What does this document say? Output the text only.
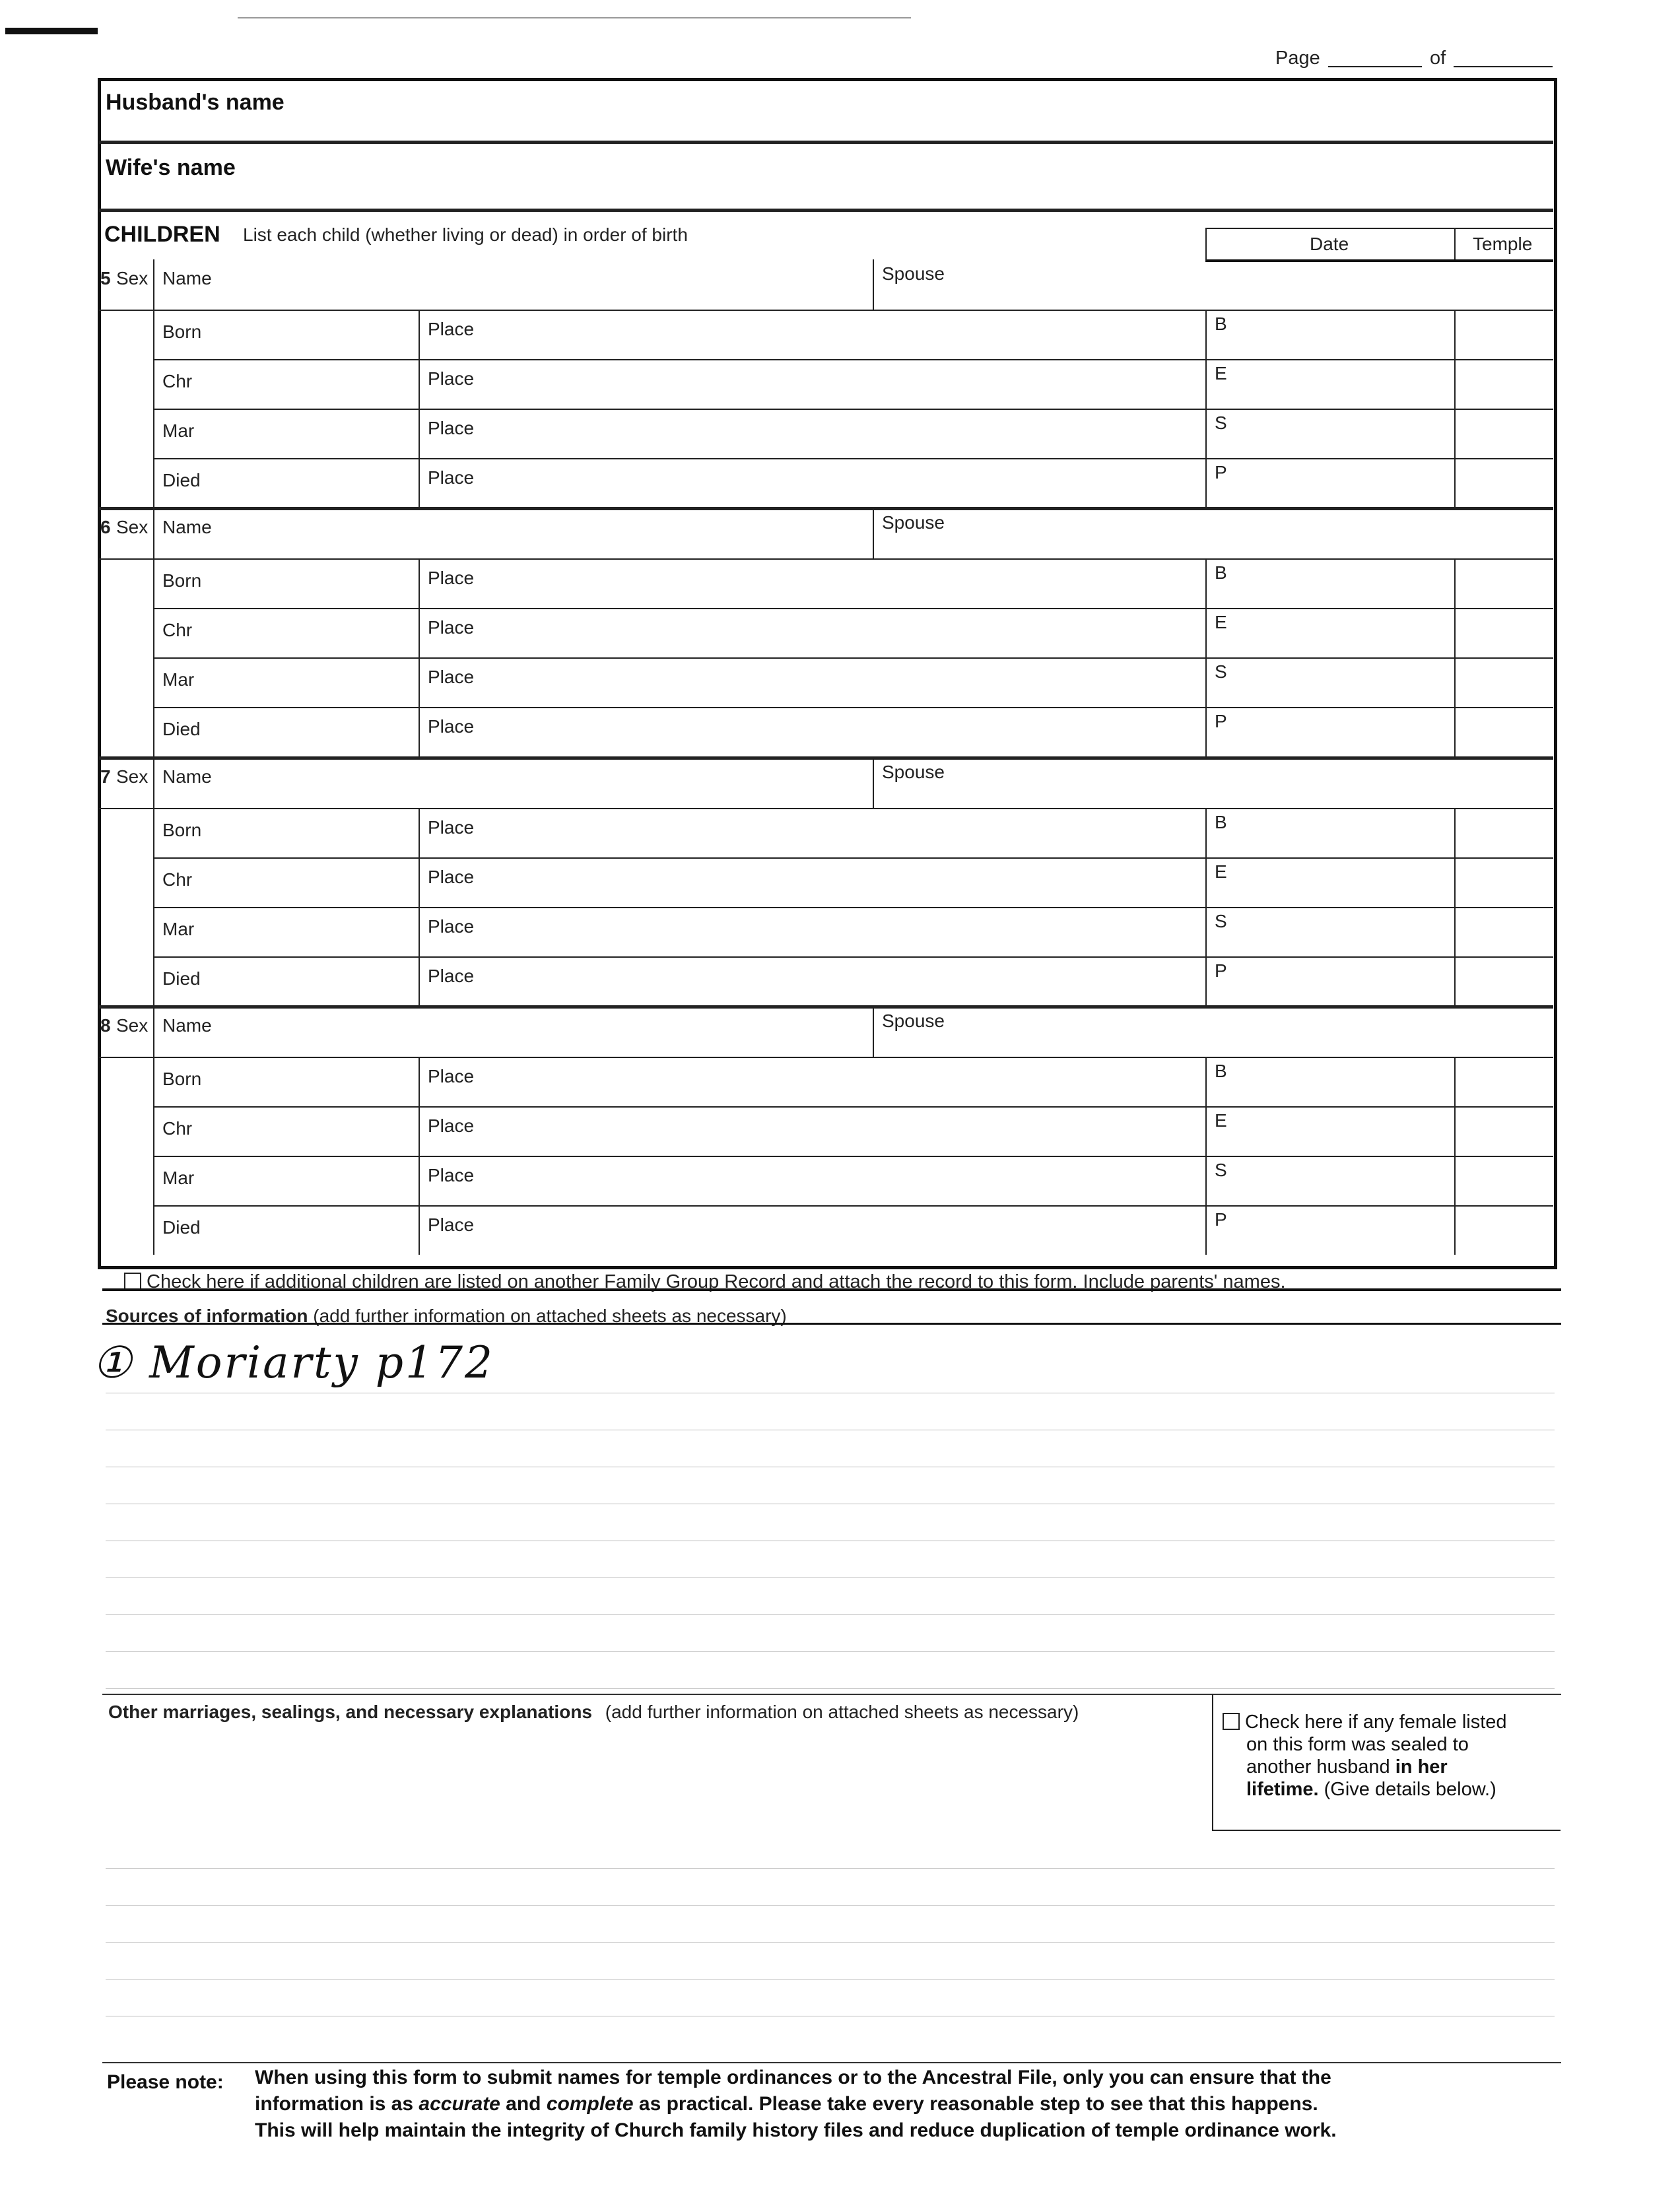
Page	of
Husband's name
Wife's name
CHILDREN List each child (whether living or dead) in order of birth	Date	Temple
5 Sex Name	Spouse
Born	Place	B
Chr	Place	E
Mar	Place	S
Died	Place	P
6 Sex Name	Spouse
Born	Place	B
Chr	Place	E
Mar	Place	S
Died	Place	P
7 Sex Name	Spouse
Born	Place	B
Chr	Place	E
Mar	Place	S
Died	Place	P
8 Sex Name	Spouse
Born	Place	B
Chr	Place	E
Mar	Place	S
Died	Place	P
Check here if additional children are listed on another Family Group Record and attach the record to this form. Include parents' names.
Sources of information (add further information on attached sheets as necessary)
① Moriarty p172
Other marriages, sealings, and necessary explanations (add further information on attached sheets as necessary)	Check here if any female listed
on this form was sealed to
another husband in her
lifetime. (Give details below.)
Please note: When using this form to submit names for temple ordinances or to the Ancestral File, only you can ensure that the
information is as accurate and complete as practical. Please take every reasonable step to see that this happens.
This will help maintain the integrity of Church family history files and reduce duplication of temple ordinance work.
